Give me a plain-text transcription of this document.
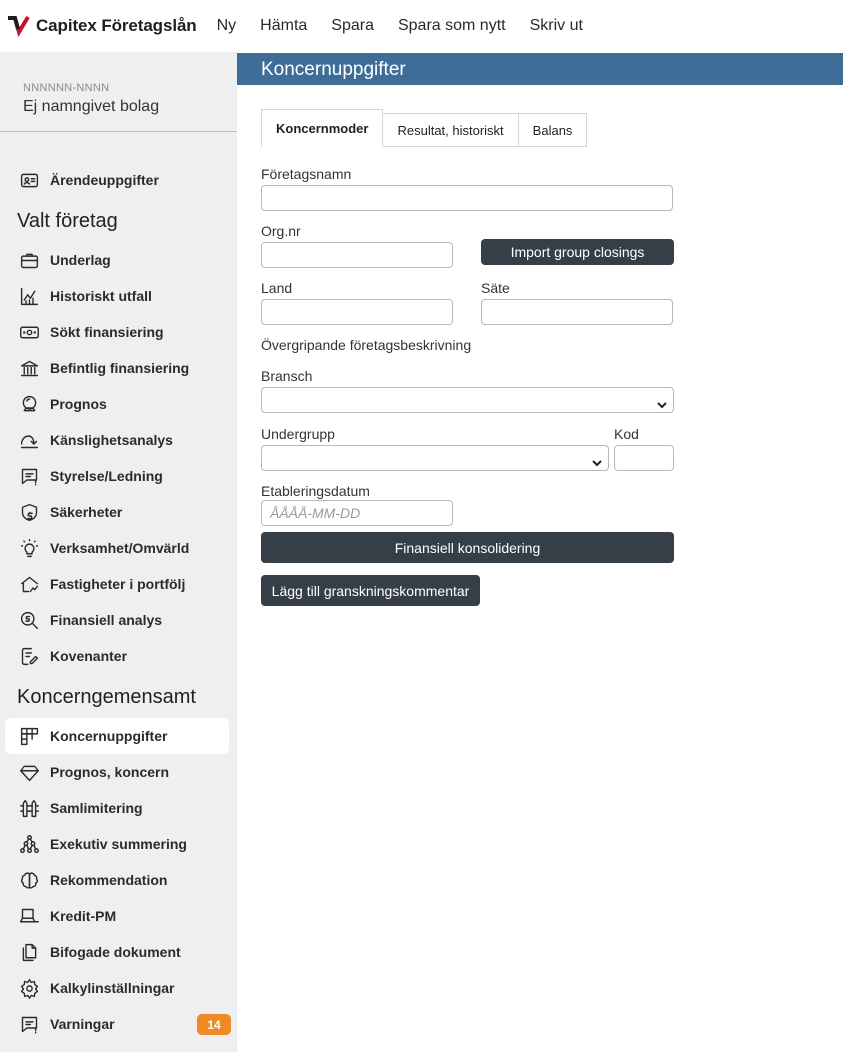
Capitex Företagslån Ny Hämta Spara Spara som nytt Skriv ut
NNNNNN-NNNN
Ej namngivet bolag
Ärendeuppgifter
Valt företag
Underlag
Historiskt utfall
Sökt finansiering
Befintlig finansiering
Prognos
Känslighetsanalys
Styrelse/Ledning
Säkerheter
Verksamhet/Omvärld
Fastigheter i portfölj
Finansiell analys
Kovenanter
Koncerngemensamt
Koncernuppgifter
Prognos, koncern
Samlimitering
Exekutiv summering
Rekommendation
Kredit-PM
Bifogade dokument
Kalkylinställningar
Varningar	14
Koncernuppgifter
Koncernmoder	Resultat, historiskt	Balans
Företagsnamn
Org.nr
Import group closings
Land	Säte
Övergripande företagsbeskrivning
Bransch
Undergrupp	Kod
Etableringsdatum
ÅÅÅÅ-MM-DD
Finansiell konsolidering
Lägg till granskningskommentar
